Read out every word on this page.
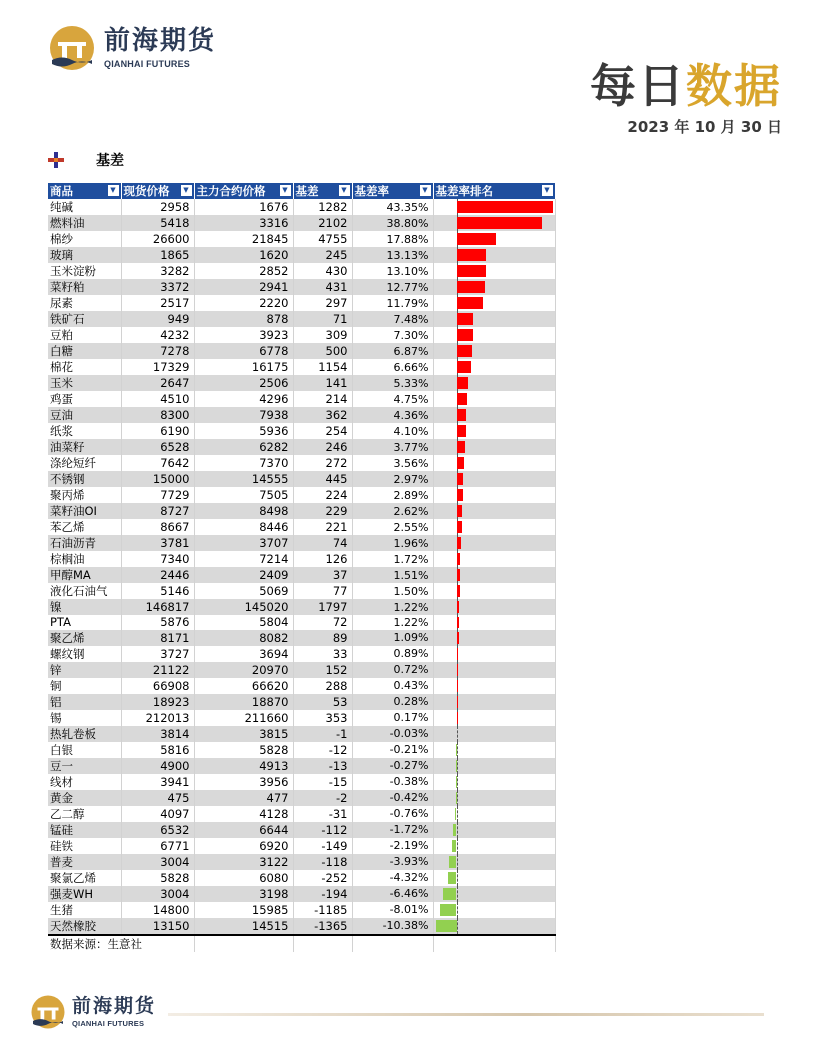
前海期货
QIANHAI FUTURES	每日数据
2023 年 10 月 30 日
基差
商品 ▼	现货价格 ▼	主力合约价格 ▼	基差 ▼	基差率 ▼	基差率排名 ▼

纯碱	2958	1676	1282	43.35%	

燃料油	5418	3316	2102	38.80%	

棉纱	26600	21845	4755	17.88%	

玻璃	1865	1620	245	13.13%	

玉米淀粉	3282	2852	430	13.10%	

菜籽粕	3372	2941	431	12.77%	

尿素	2517	2220	297	11.79%	

铁矿石	949	878	71	7.48%	

豆粕	4232	3923	309	7.30%	

白糖	7278	6778	500	6.87%	

棉花	17329	16175	1154	6.66%	

玉米	2647	2506	141	5.33%	

鸡蛋	4510	4296	214	4.75%	

豆油	8300	7938	362	4.36%	

纸浆	6190	5936	254	4.10%	

油菜籽	6528	6282	246	3.77%	

涤纶短纤	7642	7370	272	3.56%	

不锈钢	15000	14555	445	2.97%	

聚丙烯	7729	7505	224	2.89%	

菜籽油OI	8727	8498	229	2.62%	

苯乙烯	8667	8446	221	2.55%	

石油沥青	3781	3707	74	1.96%	

棕榈油	7340	7214	126	1.72%	

甲醇MA	2446	2409	37	1.51%	

液化石油气	5146	5069	77	1.50%	

镍	146817	145020	1797	1.22%	

PTA	5876	5804	72	1.22%	

聚乙烯	8171	8082	89	1.09%	

螺纹钢	3727	3694	33	0.89%	

锌	21122	20970	152	0.72%	

铜	66908	66620	288	0.43%	

铝	18923	18870	53	0.28%	

锡	212013	211660	353	0.17%	

热轧卷板	3814	3815	-1	-0.03%	

白银	5816	5828	-12	-0.21%	

豆一	4900	4913	-13	-0.27%	

线材	3941	3956	-15	-0.38%	

黄金	475	477	-2	-0.42%	

乙二醇	4097	4128	-31	-0.76%	

锰硅	6532	6644	-112	-1.72%	

硅铁	6771	6920	-149	-2.19%	

普麦	3004	3122	-118	-3.93%	

聚氯乙烯	5828	6080	-252	-4.32%	

强麦WH	3004	3198	-194	-6.46%	

生猪	14800	15985	-1185	-8.01%	

天然橡胶	13150	14515	-1365	-10.38%	

数据来源：生意社					
前海期货
QIANHAI FUTURES
